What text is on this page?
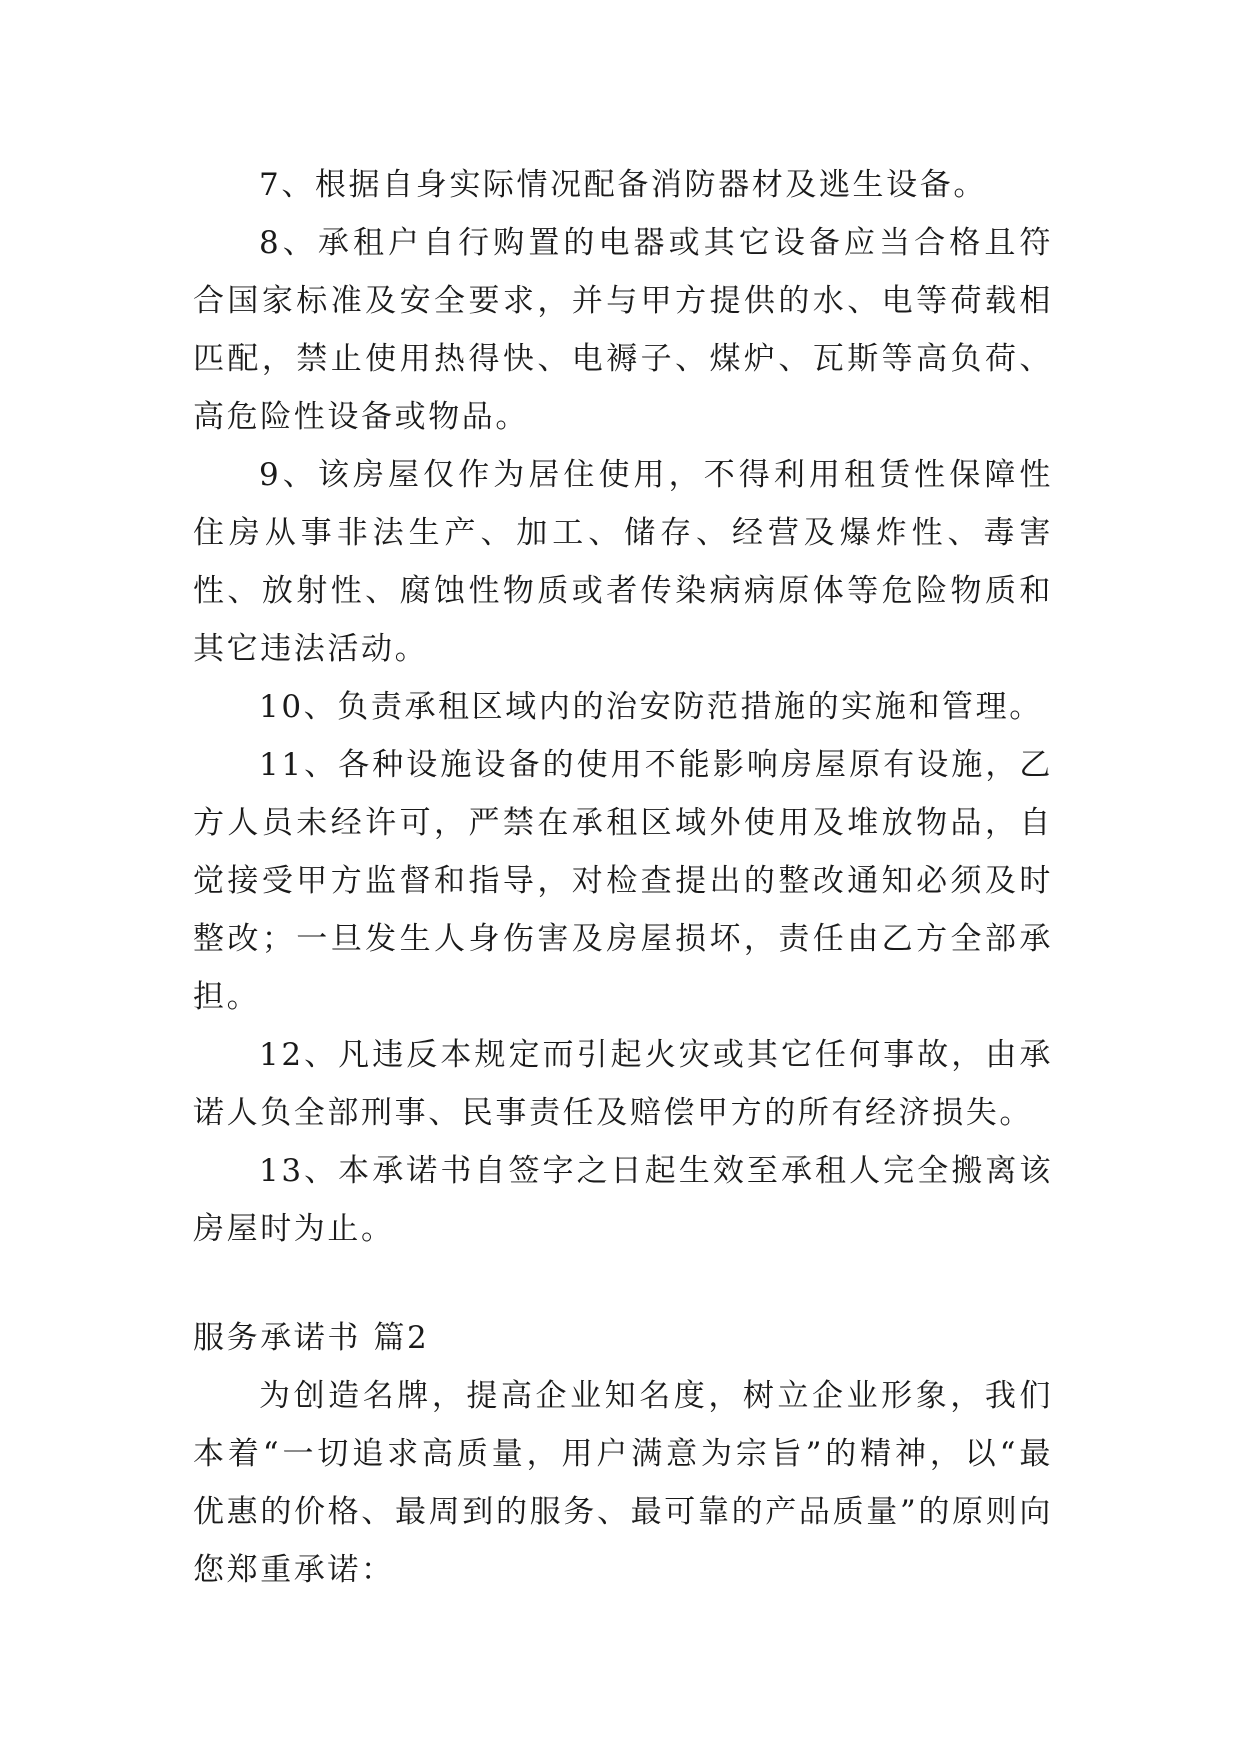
7、根据自身实际情况配备消防器材及逃生设备。

8、承租户自行购置的电器或其它设备应当合格且符合国家标准及安全要求，并与甲方提供的水、电等荷载相匹配，禁止使用热得快、电褥子、煤炉、瓦斯等高负荷、高危险性设备或物品。

9、该房屋仅作为居住使用，不得利用租赁性保障性住房从事非法生产、加工、储存、经营及爆炸性、毒害性、放射性、腐蚀性物质或者传染病病原体等危险物质和其它违法活动。

10、负责承租区域内的治安防范措施的实施和管理。

11、各种设施设备的使用不能影响房屋原有设施，乙方人员未经许可，严禁在承租区域外使用及堆放物品，自觉接受甲方监督和指导，对检查提出的整改通知必须及时整改；一旦发生人身伤害及房屋损坏，责任由乙方全部承担。

12、凡违反本规定而引起火灾或其它任何事故，由承诺人负全部刑事、民事责任及赔偿甲方的所有经济损失。

13、本承诺书自签字之日起生效至承租人完全搬离该房屋时为止。

服务承诺书 篇2

为创造名牌，提高企业知名度，树立企业形象，我们本着“一切追求高质量，用户满意为宗旨”的精神，以“最优惠的价格、最周到的服务、最可靠的产品质量”的原则向您郑重承诺：
